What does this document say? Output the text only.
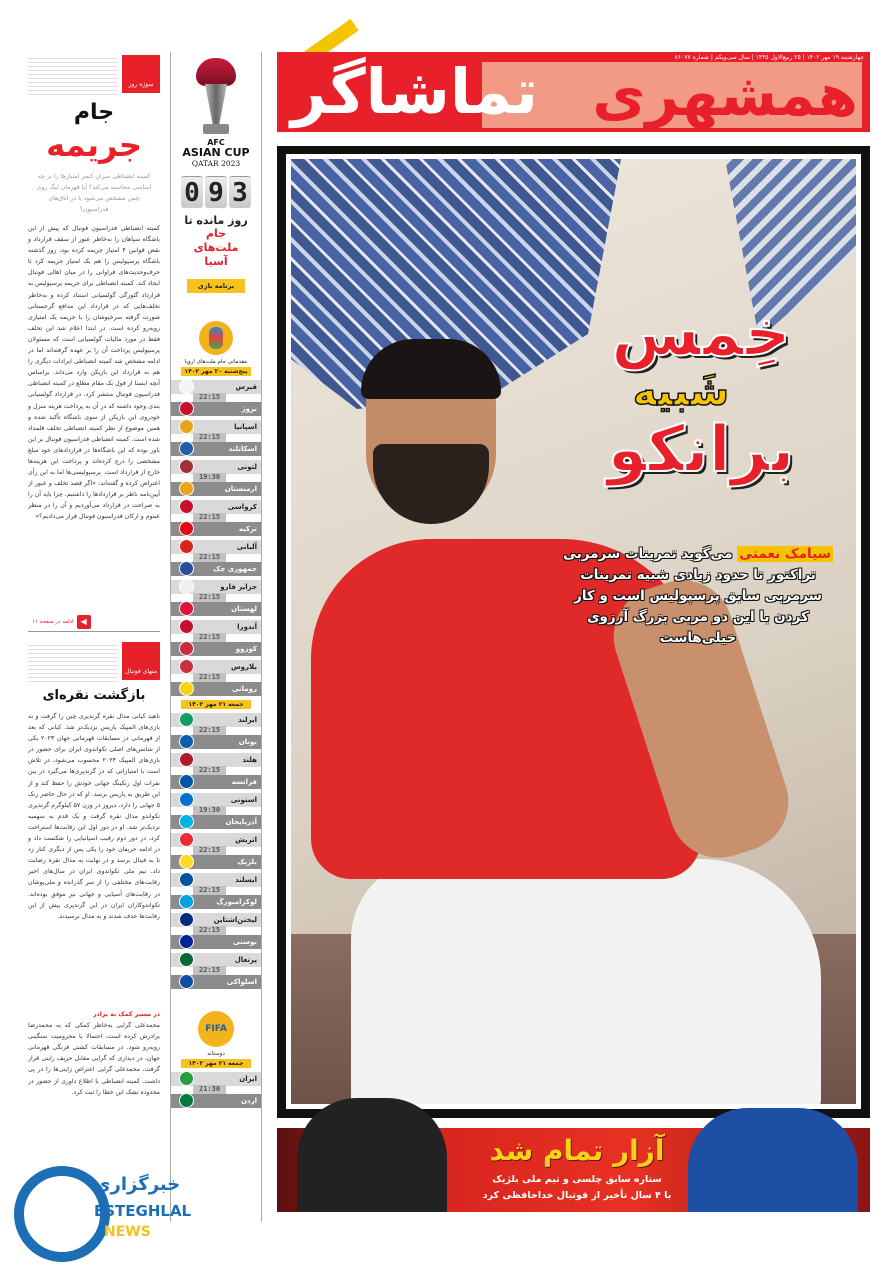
همشهری
تماشاگر	چهارشنبه ۱۹ مهر ۱۴۰۲ | ۲۵ ربیع‌الاول ۱۴۴۵ | سال سی‌ویکم | شماره ۸۶۰۷۷
سوژه روز
جام
جریمه
کمیته انضباطی میزان کسر امتیازها را بر چه اساسی محاسبه می‌کند؟ آیا قهرمان لیگ روی چمن مشخص می‌شود یا در اتاق‌های فدراسیون؟

کمیته انضباطی فدراسیون فوتبال که پیش از این باشگاه سپاهان را به‌خاطر عبور از سقف قرارداد و نقض قوانین ۴ امتیاز جریمه کرده بود، روز گذشته باشگاه پرسپولیس را هم یک امتیاز جریمه کرد تا حرف‌وحدیث‌های فراوانی را در میان اهالی فوتبال ایجاد کند. کمیته انضباطی برای جریمه پرسپولیس به قرارداد گئورگی گولسیانی استناد کرده و به‌خاطر تخلف‌هایی که در قرارداد این مدافع گرجستانی صورت گرفته سرخپوشان را با جریمه یک امتیازی روبه‌رو کرده است. در ابتدا اعلام شد این تخلف فقط در مورد مالیات گولسیانی است که مسئولان پرسپولیس پرداخت آن را بر عهده گرفته‌اند اما در ادامه مشخص شد کمیته انضباطی ایرادات دیگری را هم به قرارداد این بازیکن وارد می‌داند. براساس آنچه ایسنا از قول یک مقام مطلع در کمیته انضباطی فدراسیون فوتبال منتشر کرد، در قرارداد گولسیانی بندی وجود داشته که در آن به پرداخت هزینه منزل و خودروی این بازیکن از سوی باشگاه تأکید شده و همین موضوع از نظر کمیته انضباطی تخلف قلمداد شده است. کمیته انضباطی فدراسیون فوتبال بر این باور بوده که این باشگاه‌ها در قراردادهای خود مبلغ مشخصی را درج کرده‌اند و پرداخت این هزینه‌ها خارج از قرارداد است. پرسپولیسی‌ها اما به این رأی اعتراض کرده و گفته‌اند: «اگر قصد تخلف و عبور از آیین‌نامه ناظر بر قراردادها را داشتیم، چرا باید آن را به صراحت در قرارداد می‌آوردیم و آن را در منظر عموم و ارکان فدراسیون فوتبال قرار می‌دادیم؟»

◀
ادامه در صفحه ۱۱
منهای فوتبال
بازگشت نقره‌ای

ناهید کیانی مدال نقره گرندپری چین را گرفت و به بازی‌های المپیک پاریس نزدیک‌تر شد. کیانی که بعد از قهرمانی در مسابقات قهرمانی جهان ۲۰۲۳ یکی از شانس‌های اصلی تکواندوی ایران برای حضور در بازی‌های المپیک ۲۰۲۴ محسوب می‌شود، در تلاش است با امتیازاتی که در گرندپری‌ها می‌گیرد در بین نفرات اول رنکینگ جهانی خودش را حفظ کند و از این طریق به پاریس برسد. او که در حال حاضر رنک ۵ جهانی را دارد، دیروز در وزن ۵۷ کیلوگرم گرندپری تکواندو مدال نقره گرفت و یک قدم به سهمیه نزدیک‌تر شد. او در دور اول این رقابت‌ها استراحت کرد، در دور دوم رقیب اسپانیایی را شکست داد و در ادامه حریفان خود را یکی پس از دیگری کنار زد تا به فینال برسد و در نهایت به مدال نقره رضایت داد. تیم ملی تکواندوی ایران در سال‌های اخیر رقابت‌های مختلفی را از سر گذرانده و ملی‌پوشان در رقابت‌های آسیایی و جهانی نیز موفق بوده‌اند. تکواندوکاران ایران در این گرندپری پیش از این رقابت‌ها حذف شدند و به مدال نرسیدند.

در مسیر کمک به برادر

محمدعلی گرایی به‌خاطر کمکی که به محمدرضا برادرش کرده است، احتمالا با محرومیت سنگینی روبه‌رو شود. در مسابقات کشتی فرنگی قهرمانی جهان، در دیداری که گرایی مقابل حریف راینی قرار گرفت، محمدعلی گرایی اعتراض زاینی‌ها را در پی داشت. کمیته انضباطی با اطلاع داوری از حضور در محدوده تشک این خطا را ثبت کرد.

AFC
ASIAN CUP
QATAR 2023
0 9 3
روز مانده تا
جام
ملت‌های
آسیا
برنامه بازی
مقدماتی جام ملت‌های اروپا
پنج‌شنبه ۲۰ مهر ۱۴۰۲
قبرس
22:15
نروژ
اسپانیا
22:15
اسکاتلند
لتونی
19:30
ارمنستان
کرواسی
22:15
ترکیه
آلبانی
22:15
جمهوری چک
جزایر فارو
22:15
لهستان
آندورا
22:15
کوزوو
بلاروس
22:15
رومانی
جمعه ۲۱ مهر ۱۴۰۲
ایرلند
22:15
یونان
هلند
22:15
فرانسه
استونی
19:30
آذربایجان
اتریش
22:15
بلژیک
ایسلند
22:15
لوکزامبورگ
لیختن‌اشتاین
22:15
بوسنی
پرتغال
22:15
اسلواکی
FIFA
دوستانه
جمعه ۲۱ مهر ۱۴۰۲
ایران
21:30
اردن
خِمس
شَبیه
برانکو
سیامک نعمتی می‌گوید تمرینات سرمربی تراکتور تا حدود زیادی شبیه تمرینات سرمربی سابق پرسپولیس است و کار کردن با این دو مربی بزرگ آرزوی خیلی‌هاست
آزار تمام شد
ستاره سابق چلسی و تیم ملی بلژیک
با ۴ سال تأخیر از فوتبال خداحافظی کرد
خبرگزاری
ESTEGHLAL
NEWS
